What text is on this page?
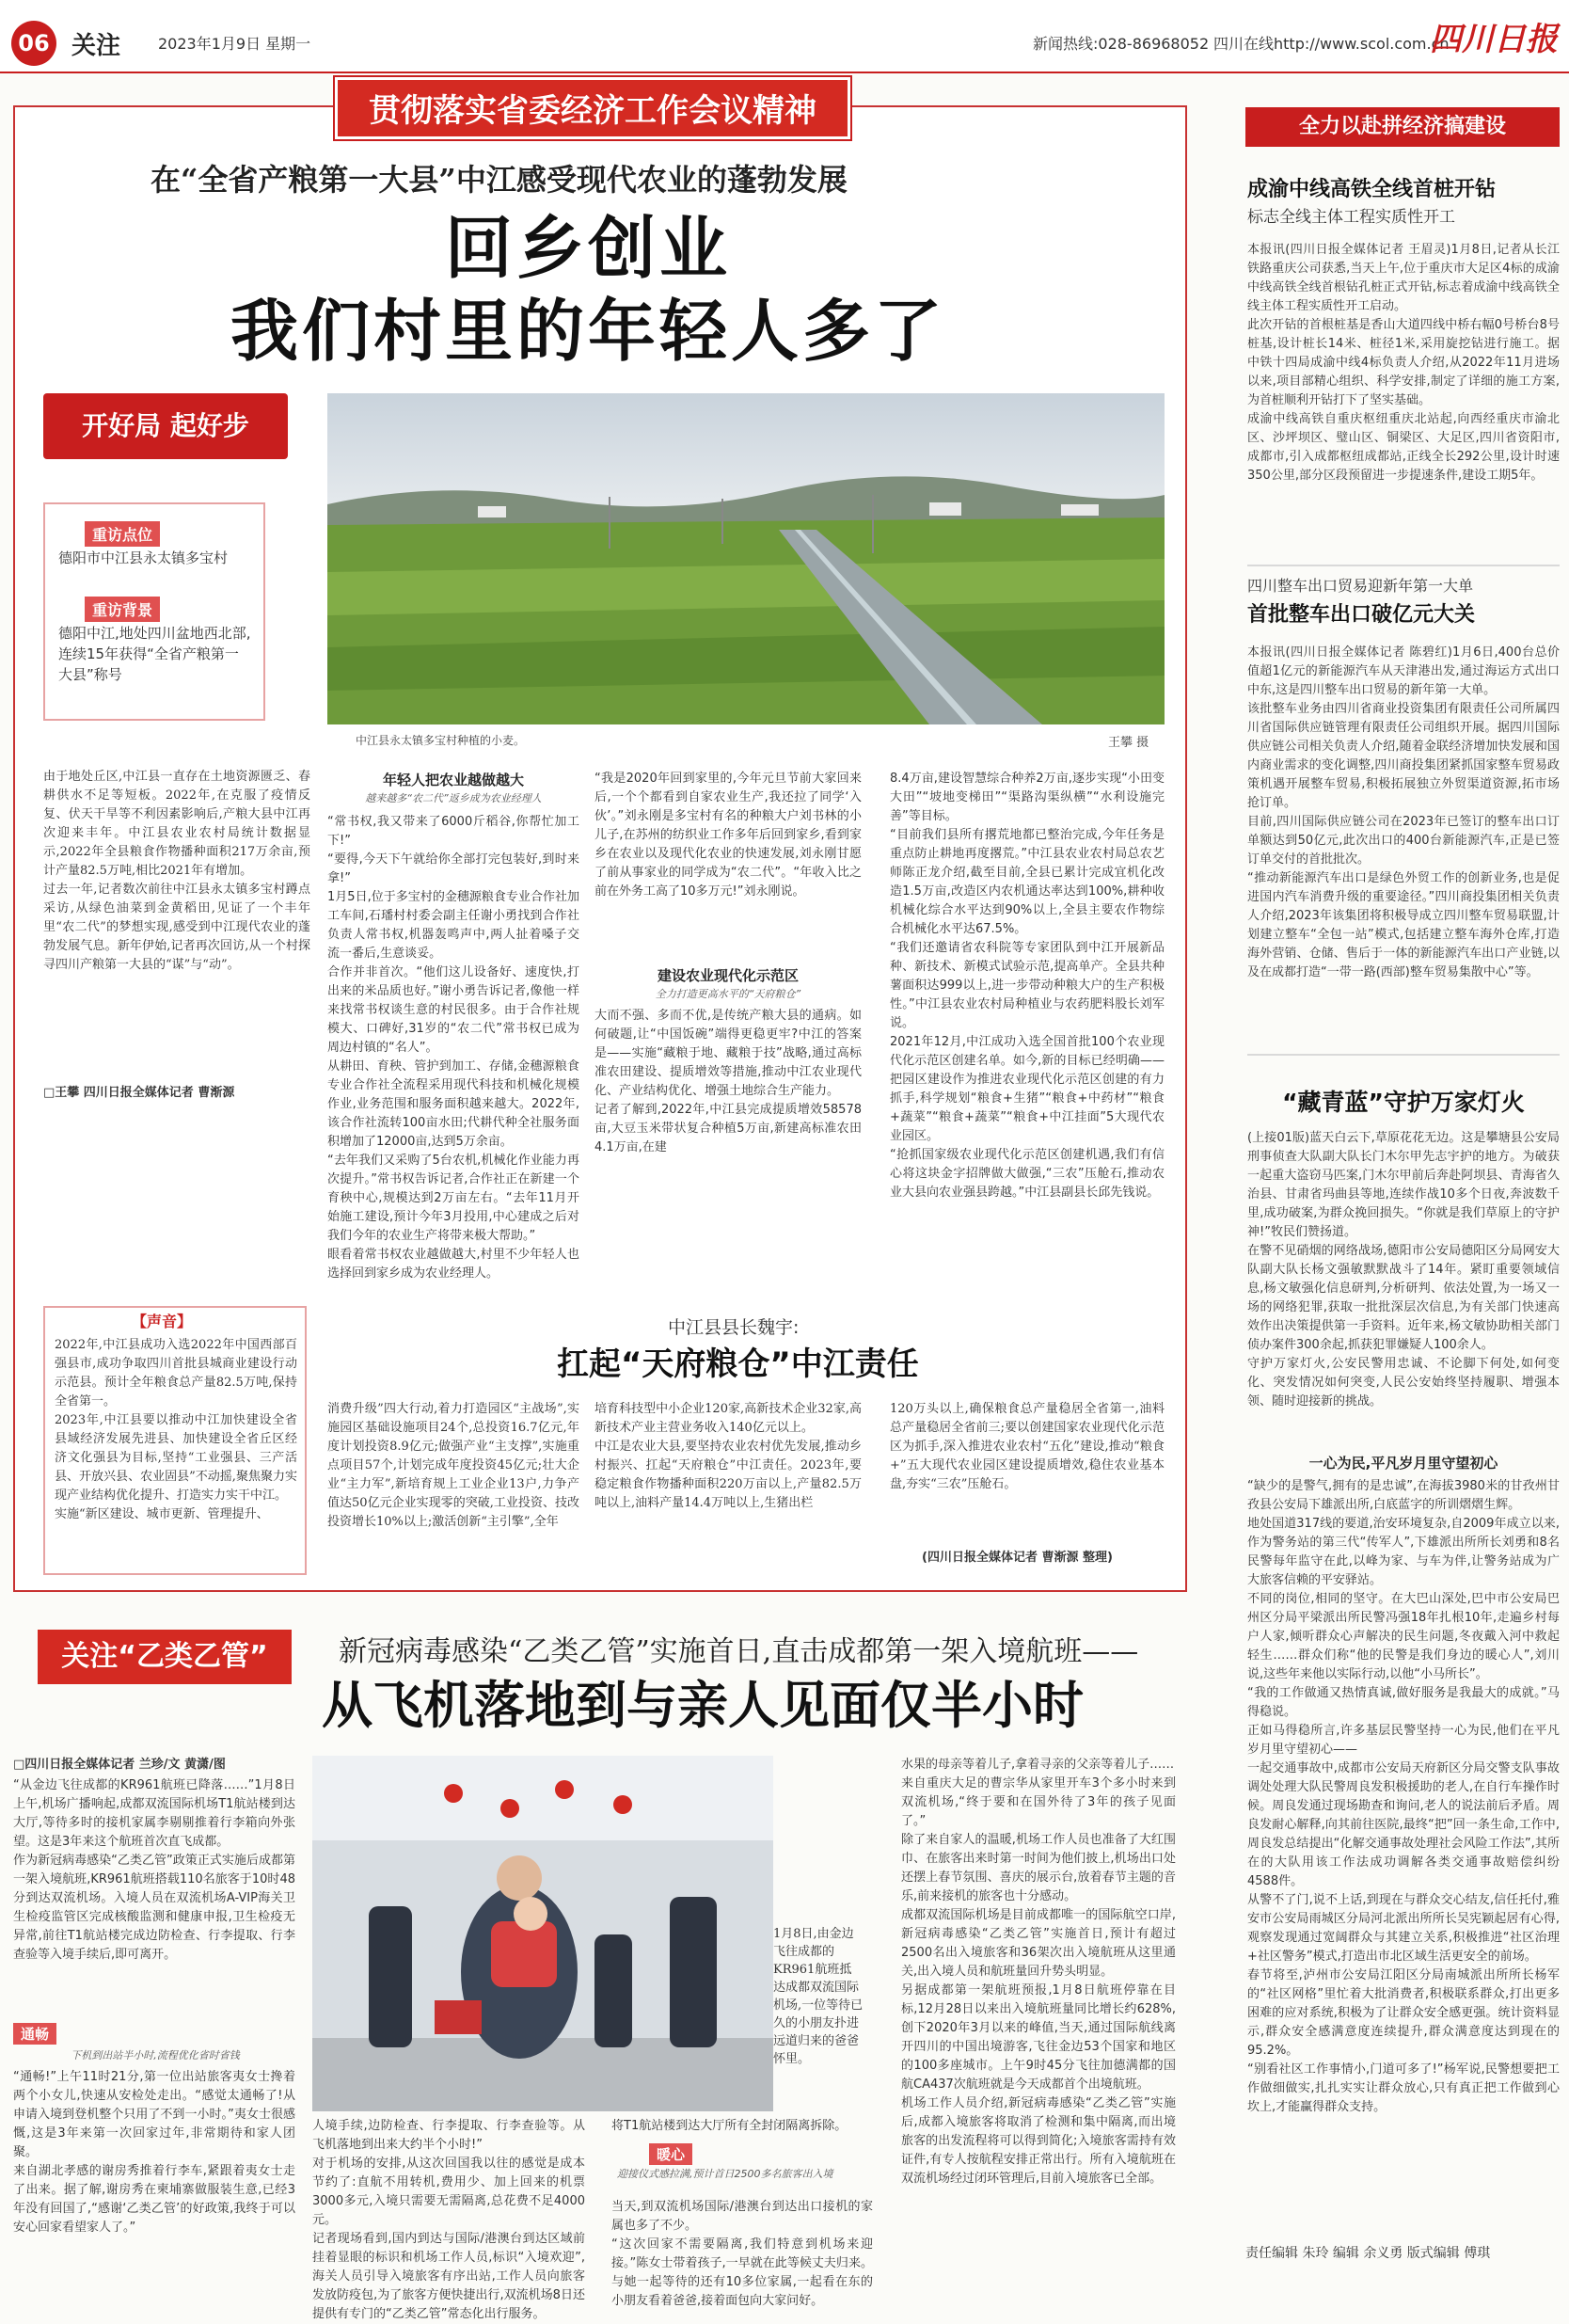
06 关注 2023年1月9日 星期一	新闻热线:028-86968052 四川在线http://www.scol.com.cn
四川日报
贯彻落实省委经济工作会议精神
在“全省产粮第一大县”中江感受现代农业的蓬勃发展
回乡创业
我们村里的年轻人多了
开好局 起好步
重访点位
德阳市中江县永太镇多宝村
重访背景
德阳中江,地处四川盆地西北部,连续15年获得“全省产粮第一大县”称号
中江县永太镇多宝村种植的小麦。	王攀 摄
由于地处丘区,中江县一直存在土地资源匮乏、春耕供水不足等短板。2022年,在克服了疫情反复、伏天干旱等不利因素影响后,产粮大县中江再次迎来丰年。中江县农业农村局统计数据显示,2022年全县粮食作物播种面积217万余亩,预计产量82.5万吨,相比2021年有增加。
过去一年,记者数次前往中江县永太镇多宝村蹲点采访,从绿色油菜到金黄稻田,见证了一个丰年里“农二代”的梦想实现,感受到中江现代农业的蓬勃发展气息。新年伊始,记者再次回访,从一个村探寻四川产粮第一大县的“谋”与“动”。
□王攀 四川日报全媒体记者 曹渐源
年轻人把农业越做越大
越来越多“农二代”返乡成为农业经理人
“常书权,我又带来了6000斤稻谷,你帮忙加工下!”
“要得,今天下午就给你全部打完包装好,到时来拿!”
1月5日,位于多宝村的金穗源粮食专业合作社加工车间,石璠村村委会副主任谢小勇找到合作社负责人常书权,机器轰鸣声中,两人扯着嗓子交流一番后,生意谈妥。
合作并非首次。“他们这儿设备好、速度快,打出来的米品质也好。”谢小勇告诉记者,像他一样来找常书权谈生意的村民很多。由于合作社规模大、口碑好,31岁的“农二代”常书权已成为周边村镇的“名人”。
从耕田、育秧、管护到加工、存储,金穗源粮食专业合作社全流程采用现代科技和机械化规模作业,业务范围和服务面积越来越大。2022年,该合作社流转100亩水田;代耕代种全社服务面积增加了12000亩,达到5万余亩。
“去年我们又采购了5台农机,机械化作业能力再次提升。”常书权告诉记者,合作社正在新建一个育秧中心,规模达到2万亩左右。“去年11月开始施工建设,预计今年3月投用,中心建成之后对我们今年的农业生产将带来极大帮助。”
眼看着常书权农业越做越大,村里不少年轻人也选择回到家乡成为农业经理人。
“我是2020年回到家里的,今年元旦节前大家回来后,一个个都看到自家农业生产,我还拉了同学‘入伙’。”刘永刚是多宝村有名的种粮大户刘书林的小儿子,在苏州的纺织业工作多年后回到家乡,看到家乡在农业以及现代化农业的快速发展,刘永刚甘愿了前从事家业的同学成为“农二代”。“年收入比之前在外务工高了10多万元!”刘永刚说。
建设农业现代化示范区
全力打造更高水平的“天府粮仓”
大而不强、多而不优,是传统产粮大县的通病。如何破题,让“中国饭碗”端得更稳更牢?中江的答案是——实施“藏粮于地、藏粮于技”战略,通过高标准农田建设、提质增效等措施,推动中江农业现代化、产业结构优化、增强土地综合生产能力。
记者了解到,2022年,中江县完成提质增效58578亩,大豆玉米带状复合种植5万亩,新建高标准农田4.1万亩,在建
8.4万亩,建设智慧综合种养2万亩,逐步实现“小田变大田”“坡地变梯田”“渠路沟渠纵横”“水利设施完善”等目标。
“目前我们县所有撂荒地都已整治完成,今年任务是重点防止耕地再度撂荒。”中江县农业农村局总农艺师陈正龙介绍,截至目前,全县已累计完成宜机化改造1.5万亩,改造区内农机通达率达到100%,耕种收机械化综合水平达到90%以上,全县主要农作物综合机械化水平达67.5%。
“我们还邀请省农科院等专家团队到中江开展新品种、新技术、新模式试验示范,提高单产。全县共种薯面积达999以上,进一步带动种粮大户的生产积极性。”中江县农业农村局种植业与农药肥料股长刘军说。
2021年12月,中江成功入选全国首批100个农业现代化示范区创建名单。如今,新的目标已经明确——把园区建设作为推进农业现代化示范区创建的有力抓手,科学规划“粮食+生猪”“粮食+中药材”“粮食+蔬菜”“粮食+蔬菜”“粮食+中江挂面”5大现代农业园区。
“抢抓国家级农业现代化示范区创建机遇,我们有信心将这块金字招牌做大做强,“三农”压舱石,推动农业大县向农业强县跨越。”中江县副县长邱先钱说。
【声音】
2022年,中江县成功入选2022年中国西部百强县市,成功争取四川首批县城商业建设行动示范县。预计全年粮食总产量82.5万吨,保持全省第一。
2023年,中江县要以推动中江加快建设全省县域经济发展先进县、加快建设全省丘区经济文化强县为目标,坚持“工业强县、三产活县、开放兴县、农业固县”不动摇,聚焦聚力实现产业结构优化提升、打造实力实干中江。
实施“新区建设、城市更新、管理提升、
中江县县长魏宇:
扛起“天府粮仓”中江责任
消费升级”四大行动,着力打造园区“主战场”,实施园区基础设施项目24个,总投资16.7亿元,年度计划投资8.9亿元;做强产业“主支撑”,实施重点项目57个,计划完成年度投资45亿元;壮大企业“主力军”,新培育规上工业企业13户,力争产值达50亿元企业实现零的突破,工业投资、技改投资增长10%以上;激活创新“主引擎”,全年
培育科技型中小企业120家,高新技术企业32家,高新技术产业主营业务收入140亿元以上。
中江是农业大县,要坚持农业农村优先发展,推动乡村振兴、扛起“天府粮仓”中江责任。2023年,要稳定粮食作物播种面积220万亩以上,产量82.5万吨以上,油料产量14.4万吨以上,生猪出栏
120万头以上,确保粮食总产量稳居全省第一,油料总产量稳居全省前三;要以创建国家农业现代化示范区为抓手,深入推进农业农村“五化”建设,推动“粮食+”五大现代农业园区建设提质增效,稳住农业基本盘,夯实“三农”压舱石。
(四川日报全媒体记者 曹渐源 整理)
关注“乙类乙管”	新冠病毒感染“乙类乙管”实施首日,直击成都第一架入境航班——
从飞机落地到与亲人见面仅半小时
□四川日报全媒体记者 兰珍/文 黄潇/图
“从金边飞往成都的KR961航班已降落……”1月8日上午,机场广播响起,成都双流国际机场T1航站楼到达大厅,等待多时的接机家属李剔剔推着行李箱向外张望。这是3年来这个航班首次直飞成都。
作为新冠病毒感染“乙类乙管”政策正式实施后成都第一架入境航班,KR961航班搭载110名旅客于10时48分到达双流机场。入境人员在双流机场A-VIP海关卫生检疫监管区完成核酸监测和健康申报,卫生检疫无异常,前往T1航站楼完成边防检查、行李提取、行李查验等入境手续后,即可离开。
通畅
下机到出站半小时,流程优化省时省钱
“通畅!”上午11时21分,第一位出站旅客夷女士搀着两个小女儿,快速从安检处走出。“感觉太通畅了!从申请入境到登机整个只用了不到一小时。”夷女士很感慨,这是3年来第一次回家过年,非常期待和家人团聚。
来自湖北孝感的谢房秀推着行李车,紧跟着夷女士走了出来。据了解,谢房秀在柬埔寨做服装生意,已经3年没有回国了,“感谢‘乙类乙管’的好政策,我终于可以安心回家看望家人了。”
1月8日,由金边飞往成都的KR961航班抵达成都双流国际机场,一位等待已久的小朋友扑进远道归来的爸爸怀里。
人境手续,边防检查、行李提取、行李查验等。从飞机落地到出来大约半个小时!”
对于机场的安排,从这次回国我以往的感觉是成本节约了:直航不用转机,费用少、加上回来的机票3000多元,入境只需要无需隔离,总花费不足4000元。
记者现场看到,国内到达与国际/港澳台到达区域前挂着显眼的标识和机场工作人员,标识“入境欢迎”,海关人员引导入境旅客有序出站,工作人员向旅客发放防疫包,为了旅客方便快捷出行,双流机场8日还提供有专门的“乙类乙管”常态化出行服务。
将T1航站楼到达大厅所有全封闭隔离拆除。
暖心
迎接仪式感拉满,预计首日2500多名旅客出入境
当天,到双流机场国际/港澳台到达出口接机的家属也多了不少。
“这次回家不需要隔离,我们特意到机场来迎接。”陈女士带着孩子,一早就在此等候丈夫归来。与她一起等待的还有10多位家属,一起看在东的小朋友看着爸爸,接着面包向大家问好。
水果的母亲等着儿子,拿着寻亲的父亲等着儿子……
来自重庆大足的曹宗华从家里开车3个多小时来到双流机场,“终于要和在国外待了3年的孩子见面了。”
除了来自家人的温暖,机场工作人员也准备了大红围巾、在旅客出来时第一时间为他们披上,机场出口处还摆上春节氛围、喜庆的展示台,放着春节主题的音乐,前来接机的旅客也十分感动。
成都双流国际机场是目前成都唯一的国际航空口岸,新冠病毒感染“乙类乙管”实施首日,预计有超过2500名出入境旅客和36架次出入境航班从这里通关,出入境人员和航班量回升势头明显。
另据成都第一架航班预报,1月8日航班停靠在目标,12月28日以来出入境航班量同比增长约628%,创下2020年3月以来的峰值,当天,通过国际航线离开四川的中国出境游客,飞往金边53个国家和地区的100多座城市。上午9时45分飞往加德满都的国航CA437次航班就是今天成都首个出境航班。
机场工作人员介绍,新冠病毒感染“乙类乙管”实施后,成都入境旅客将取消了检测和集中隔离,而出境旅客的出发流程将可以得到简化;入境旅客需持有效证件,有专人按航程安排正常出行。所有入境航班在双流机场经过闭环管理后,目前入境旅客已全部。
全力以赴拼经济搞建设
成渝中线高铁全线首桩开钻
标志全线主体工程实质性开工
本报讯(四川日报全媒体记者 王眉灵)1月8日,记者从长江铁路重庆公司获悉,当天上午,位于重庆市大足区4标的成渝中线高铁全线首根钻孔桩正式开钻,标志着成渝中线高铁全线主体工程实质性开工启动。
此次开钻的首根桩基是香山大道四线中桥右幅0号桥台8号桩基,设计桩长14米、桩径1米,采用旋挖钻进行施工。据中铁十四局成渝中线4标负责人介绍,从2022年11月进场以来,项目部精心组织、科学安排,制定了详细的施工方案,为首桩顺利开钻打下了坚实基础。
成渝中线高铁自重庆枢纽重庆北站起,向西经重庆市渝北区、沙坪坝区、璧山区、铜梁区、大足区,四川省资阳市,成都市,引入成都枢纽成都站,正线全长292公里,设计时速350公里,部分区段预留进一步提速条件,建设工期5年。
四川整车出口贸易迎新年第一大单
首批整车出口破亿元大关
本报讯(四川日报全媒体记者 陈碧红)1月6日,400台总价值超1亿元的新能源汽车从天津港出发,通过海运方式出口中东,这是四川整车出口贸易的新年第一大单。
该批整车业务由四川省商业投资集团有限责任公司所属四川省国际供应链管理有限责任公司组织开展。据四川国际供应链公司相关负责人介绍,随着金联经济增加快发展和国内商业需求的变化调整,四川商投集团紧抓国家整车贸易政策机遇开展整车贸易,积极拓展独立外贸渠道资源,拓市场抢订单。
目前,四川国际供应链公司在2023年已签订的整车出口订单额达到50亿元,此次出口的400台新能源汽车,正是已签订单交付的首批批次。
“推动新能源汽车出口是绿色外贸工作的创新业务,也是促进国内汽车消费升级的重要途径。”四川商投集团相关负责人介绍,2023年该集团将积极导成立四川整车贸易联盟,计划建立整车“全包一站”模式,包括建立整车海外仓库,打造海外营销、仓储、售后于一体的新能源汽车出口产业链,以及在成都打造“一带一路(西部)整车贸易集散中心”等。
“藏青蓝”守护万家灯火
(上接01版)蓝天白云下,草原花花无边。这是攀塘县公安局刑事侦查大队副大队长门木尔甲先志宇护的地方。为破获一起重大盗窃马匹案,门木尔甲前后奔赴阿坝县、青海省久治县、甘肃省玛曲县等地,连续作战10多个日夜,奔波数千里,成功破案,为群众挽回损失。“你就是我们草原上的守护神!”牧民们赞扬道。
在警不见硝烟的网络战场,德阳市公安局德阳区分局网安大队副大队长杨文强敏默默战斗了14年。紧盯重要领域信息,杨文敏强化信息研判,分析研判、依法处置,为一场又一场的网络犯罪,获取一批批深层次信息,为有关部门快速高效作出决策提供第一手资料。近年来,杨文敏协助相关部门侦办案件300余起,抓获犯罪嫌疑人100余人。
守护万家灯火,公安民警用忠诚、不论脚下何处,如何变化、突发情况如何突变,人民公安始终坚持履职、增强本领、随时迎接新的挑战。
一心为民,平凡岁月里守望初心
“缺少的是警气,拥有的是忠诚”,在海拔3980米的甘孜州甘孜县公安局下雄派出所,白底蓝字的所训熠熠生辉。
地处国道317线的要道,治安环境复杂,自2009年成立以来,作为警务站的第三代“传军人”,下雄派出所所长刘勇和8名民警每年监守在此,以峰为家、与车为伴,让警务站成为广大旅客信赖的平安驿站。
不同的岗位,相同的坚守。在大巴山深处,巴中市公安局巴州区分局平梁派出所民警冯强18年扎根10年,走遍乡村每户人家,倾听群众心声解决的民生问题,冬夜戴入河中救起轻生……群众们称“他的民警是我们身边的暖心人”,刘川说,这些年来他以实际行动,以他“小马所长”。
“我的工作做通又热情真诚,做好服务是我最大的成就。”马得稳说。
正如马得稳所言,许多基层民警坚持一心为民,他们在平凡岁月里守望初心——
一起交通事故中,成都市公安局天府新区分局交警支队事故调处处理大队民警周良发积极援助的老人,在自行车操作时候。周良发通过现场勘查和询问,老人的说法前后矛盾。周良发耐心解释,向其前往医院,最终“把”回一条生命,工作中,周良发总结提出“化解交通事故处理社会风险工作法”,其所在的大队用该工作法成功调解各类交通事故赔偿纠纷4588件。
从警不了门,说不上话,到现在与群众交心结友,信任托付,雅安市公安局雨城区分局河北派出所所长吴宪颖起居有心得,观察发现通过宽阔群众与其建立关系,积极推进“社区治理+社区警务”模式,打造出市北区域生活更安全的前场。
春节将至,泸州市公安局江阳区分局南城派出所所长杨军的“社区网格”里忙着大批消费者,积极联系群众,打出更多困难的应对系统,积极为了让群众安全感更强。统计资料显示,群众安全感满意度连续提升,群众满意度达到现在的95.2%。
“别看社区工作事情小,门道可多了!”杨军说,民警想要把工作做细做实,扎扎实实让群众放心,只有真正把工作做到心坎上,才能赢得群众支持。
责任编辑 朱玲 编辑 余义勇 版式编辑 傅琪
